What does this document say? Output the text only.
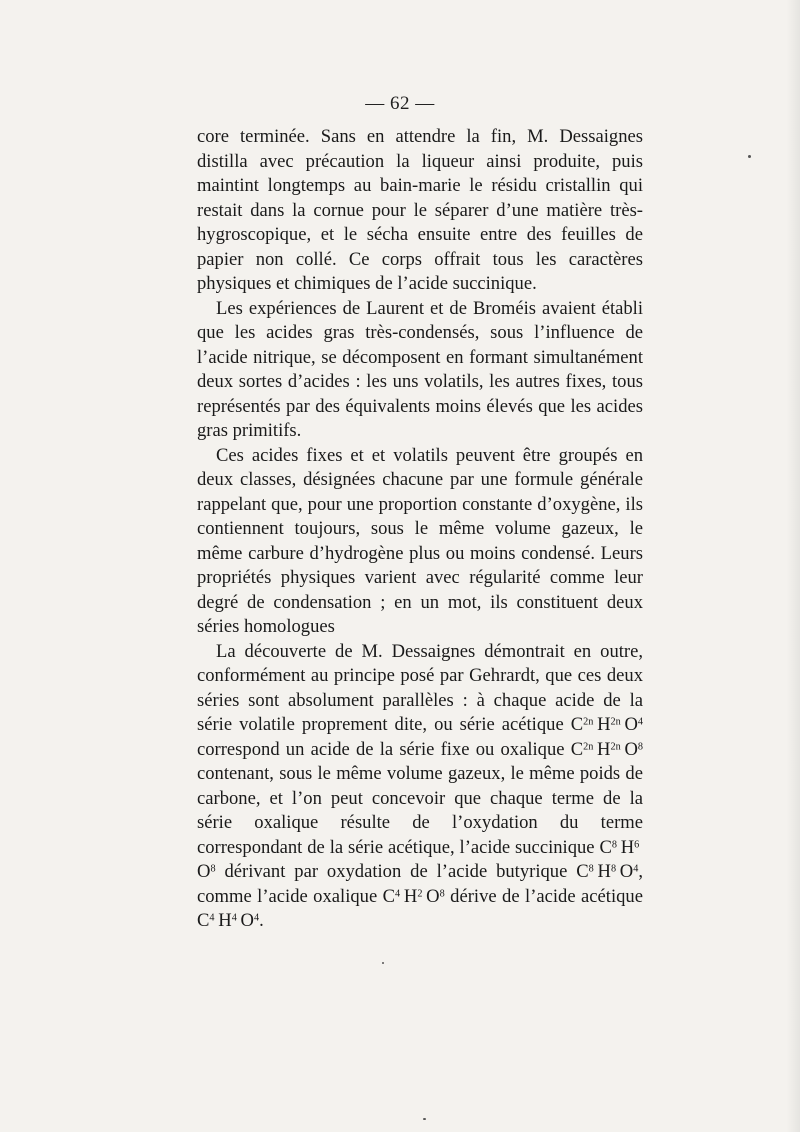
— 62 —

core terminée. Sans en attendre la fin, M. Dessaignes distilla avec précaution la liqueur ainsi produite, puis maintint longtemps au bain-marie le résidu cristallin qui restait dans la cornue pour le séparer d’une matière très-hygroscopique, et le sécha ensuite entre des feuilles de papier non collé. Ce corps offrait tous les caractères physiques et chimiques de l’acide succinique.

Les expériences de Laurent et de Broméis avaient établi que les acides gras très-condensés, sous l’influence de l’acide nitrique, se décomposent en formant simultanément deux sortes d’acides : les uns volatils, les autres fixes, tous représentés par des équivalents moins élevés que les acides gras primitifs.

Ces acides fixes et et volatils peuvent être groupés en deux classes, désignées chacune par une formule générale rappelant que, pour une proportion constante d’oxygène, ils contiennent toujours, sous le même volume gazeux, le même carbure d’hydrogène plus ou moins condensé. Leurs propriétés physiques varient avec régularité comme leur degré de condensation ; en un mot, ils constituent deux séries homologues

La découverte de M. Dessaignes démontrait en outre, conformément au principe posé par Gehrardt, que ces deux séries sont absolument parallèles : à chaque acide de la série volatile proprement dite, ou série acétique $C^{2n}$  $H^{2n}$  $O^4$ correspond un acide de la série fixe ou oxalique $C^{2n}$  $H^{2n}$  $O^8$ contenant, sous le même volume gazeux, le même poids de carbone, et l’on peut concevoir que chaque terme de la série oxalique résulte de l’oxydation du terme correspondant de la série acétique, l’acide succinique $C^8$  $H^6$ $O^8$ dérivant par oxydation de l’acide butyrique $C^8$  $H^8$  $O^4$, comme l’acide oxalique $C^4$  $H^2$  $O^8$ dérive de l’acide acétique $C^4$  $H^4$  $O^4$.
